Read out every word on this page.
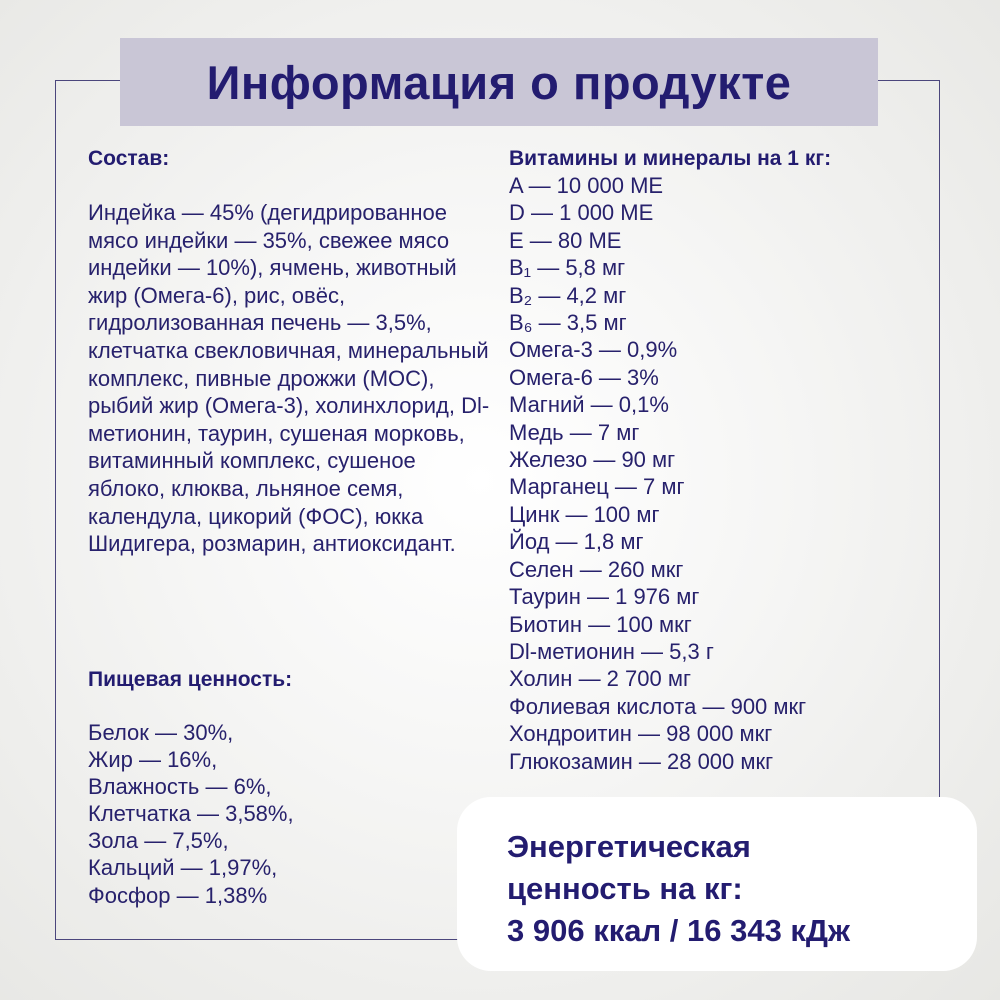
Информация о продукте

Состав:

Индейка — 45% (дегидрированное мясо индейки — 35%, свежее мясо индейки — 10%), ячмень, животный жир (Омега-6), рис, овёс, гидролизованная печень — 3,5%, клетчатка свекловичная, минеральный комплекс, пивные дрожжи (МОС), рыбий жир (Омега-3), холинхлорид, Dl-метионин, таурин, сушеная морковь, витаминный комплекс, сушеное яблоко, клюква, льняное семя, календула, цикорий (ФОС), юкка Шидигера, розмарин, антиоксидант.

Пищевая ценность:

Белок — 30%,
Жир — 16%,
Влажность — 6%,
Клетчатка — 3,58%,
Зола — 7,5%,
Кальций — 1,97%,
Фосфор — 1,38%

Витамины и минералы на 1 кг:

A — 10 000 МЕ
D — 1 000 МЕ
E — 80 МЕ
B₁ — 5,8 мг
B₂ — 4,2 мг
B₆ — 3,5 мг
Омега-3 — 0,9%
Омега-6 — 3%
Магний — 0,1%
Медь — 7 мг
Железо — 90 мг
Марганец — 7 мг
Цинк — 100 мг
Йод — 1,8 мг
Селен — 260 мкг
Таурин — 1 976 мг
Биотин — 100 мкг
Dl-метионин — 5,3 г
Холин — 2 700 мг
Фолиевая кислота — 900 мкг
Хондроитин — 98 000 мкг
Глюкозамин — 28 000 мкг
Энергетическая
ценность на кг:
3 906 ккал / 16 343 кДж
